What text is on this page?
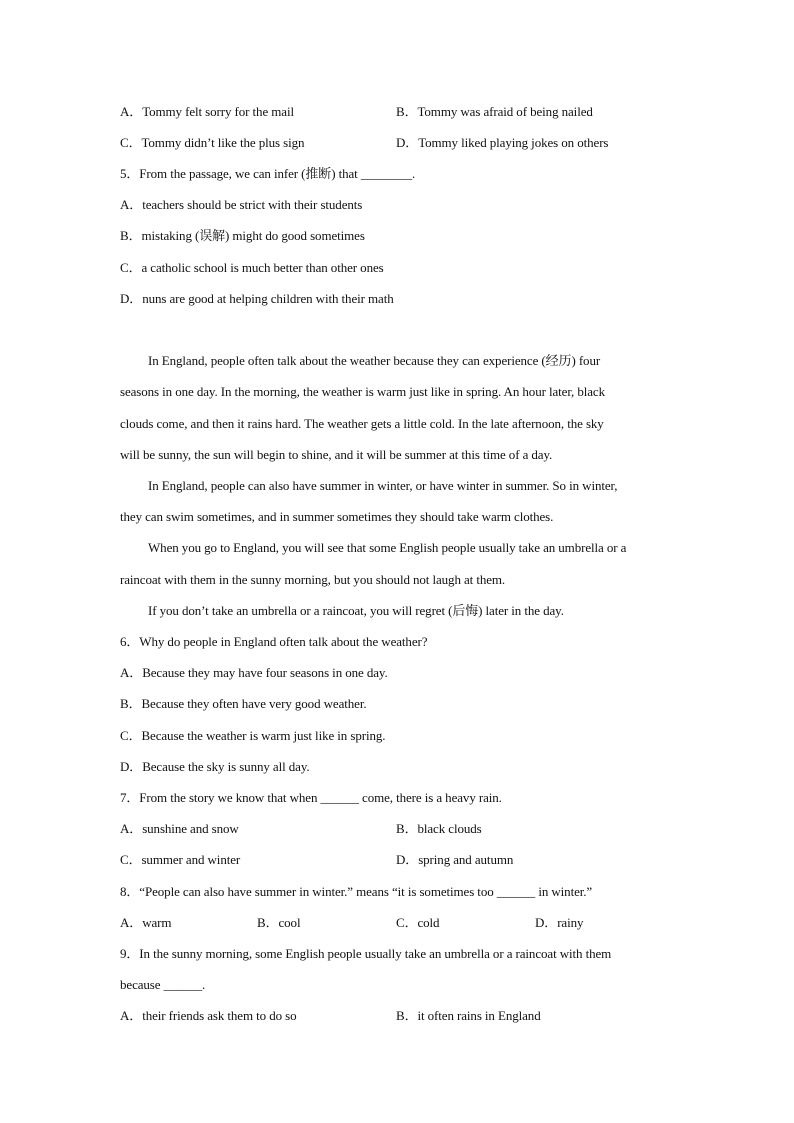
A．Tommy felt sorry for the mail	B．Tommy was afraid of being nailed
C．Tommy didn’t like the plus sign	D．Tommy liked playing jokes on others
5．From the passage, we can infer (推断) that ________.
A．teachers should be strict with their students
B．mistaking (误解) might do good sometimes
C．a catholic school is much better than other ones
D．nuns are good at helping children with their math
In England, people often talk about the weather because they can experience (经历) four
seasons in one day. In the morning, the weather is warm just like in spring. An hour later, black
clouds come, and then it rains hard. The weather gets a little cold. In the late afternoon, the sky
will be sunny, the sun will begin to shine, and it will be summer at this time of a day.
In England, people can also have summer in winter, or have winter in summer. So in winter,
they can swim sometimes, and in summer sometimes they should take warm clothes.
When you go to England, you will see that some English people usually take an umbrella or a
raincoat with them in the sunny morning, but you should not laugh at them.
If you don’t take an umbrella or a raincoat, you will regret (后悔) later in the day.
6．Why do people in England often talk about the weather?
A．Because they may have four seasons in one day.
B．Because they often have very good weather.
C．Because the weather is warm just like in spring.
D．Because the sky is sunny all day.
7．From the story we know that when ______ come, there is a heavy rain.
A．sunshine and snow	B．black clouds
C．summer and winter	D．spring and autumn
8．“People can also have summer in winter.” means “it is sometimes too ______ in winter.”
A．warm	B．cool	C．cold	D．rainy
9．In the sunny morning, some English people usually take an umbrella or a raincoat with them
because ______.
A．their friends ask them to do so	B．it often rains in England
